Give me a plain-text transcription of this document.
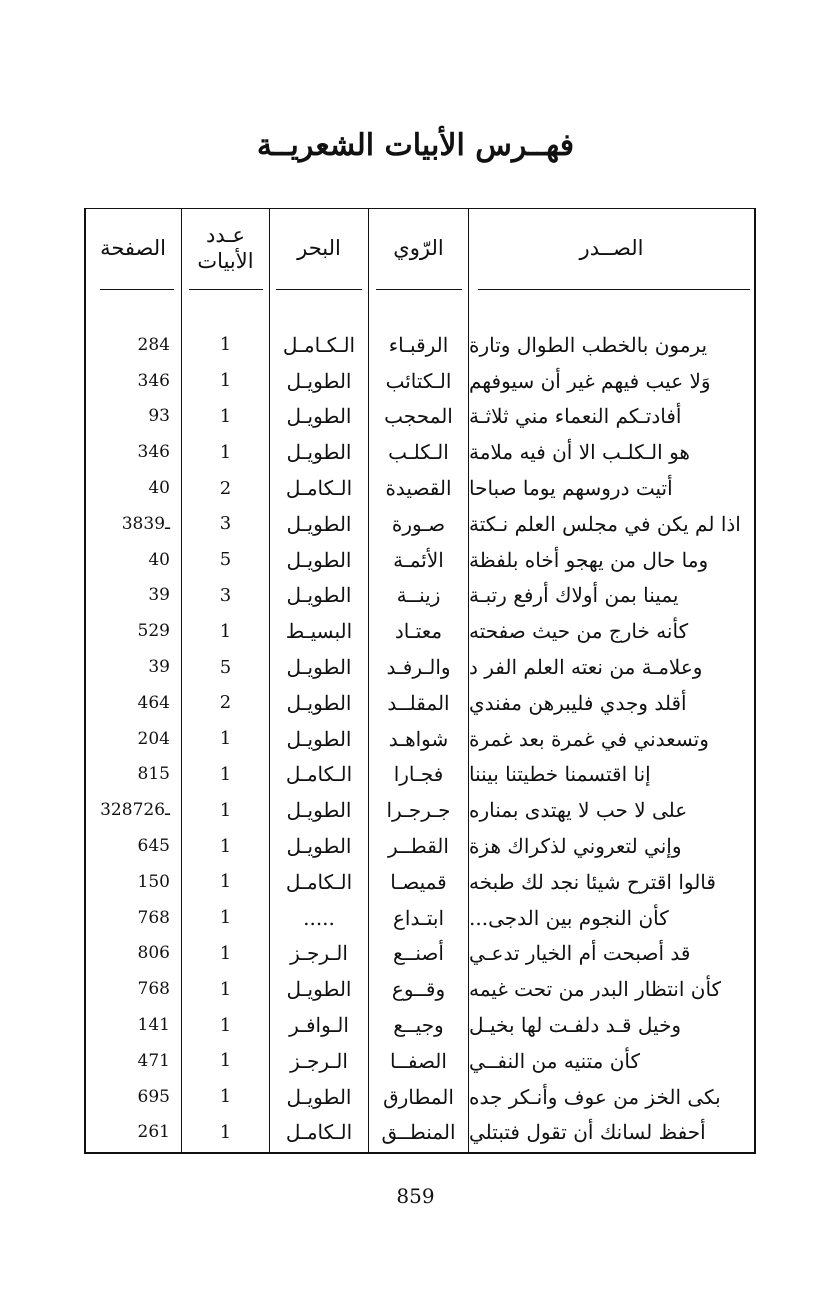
فهــرس الأبيات الشعريــة
الصــدر
الرّوي
البحر
عـدد الأبيات
الصفحة
يرمون بالخطب الطوال وتارة
الرقبـاء
الـكـامـل
1
284
وَلا عيب فيهم غير أن سيوفهم
الـكتائب
الطويـل
1
346
أفادتـكم النعماء مني ثلاثـة
المحجب
الطويـل
1
93
هو الـكلـب الا أن فيه ملامة
الـكلـب
الطويـل
1
346
أتيت دروسهم يوما صباحا
القصيدة
الـكامـل
2
40
اذا لم يكن في مجلس العلم نـكتة
صـورة
الطويـل
3
38ـ39
وما حال من يهجو أخاه بلفظة
الأئمـة
الطويـل
5
40
يمينا بمن أولاك أرفع رتبـة
زينــة
الطويـل
3
39
كأنه خارج من حيث صفحته
معتـاد
البسيـط
1
529
وعلامـة من نعته العلم الفر د
والـرفـد
الطويـل
5
39
أقلد وجدي فليبرهن مفندي
المقلــد
الطويـل
2
464
وتسعدني في غمرة بعد غمرة
شواهـد
الطويـل
1
204
إنا اقتسمنا خطيتنا بيننا
فجـارا
الـكامـل
1
815
على لا حب لا يهتدى بمناره
جـرجـرا
الطويـل
1
328ـ726
وإني لتعروني لذكراك هزة
القطــر
الطويـل
1
645
قالوا اقترح شيئا نجد لك طبخه
قميصـا
الـكامـل
1
150
كأن النجوم بين الدجى...
ابتـداع
.....
1
768
قد أصبحت أم الخيار تدعـي
أصنــع
الـرجـز
1
806
كأن انتظار البدر من تحت غيمه
وقــوع
الطويـل
1
768
وخيل قـد دلفـت لها بخيـل
وجيــع
الـوافـر
1
141
كأن متنيه من النفــي
الصفــا
الـرجـز
1
471
بكى الخز من عوف وأنـكر جده
المطارق
الطويـل
1
695
أحفظ لسانك أن تقول فتبتلي
المنطــق
الـكامـل
1
261
859
